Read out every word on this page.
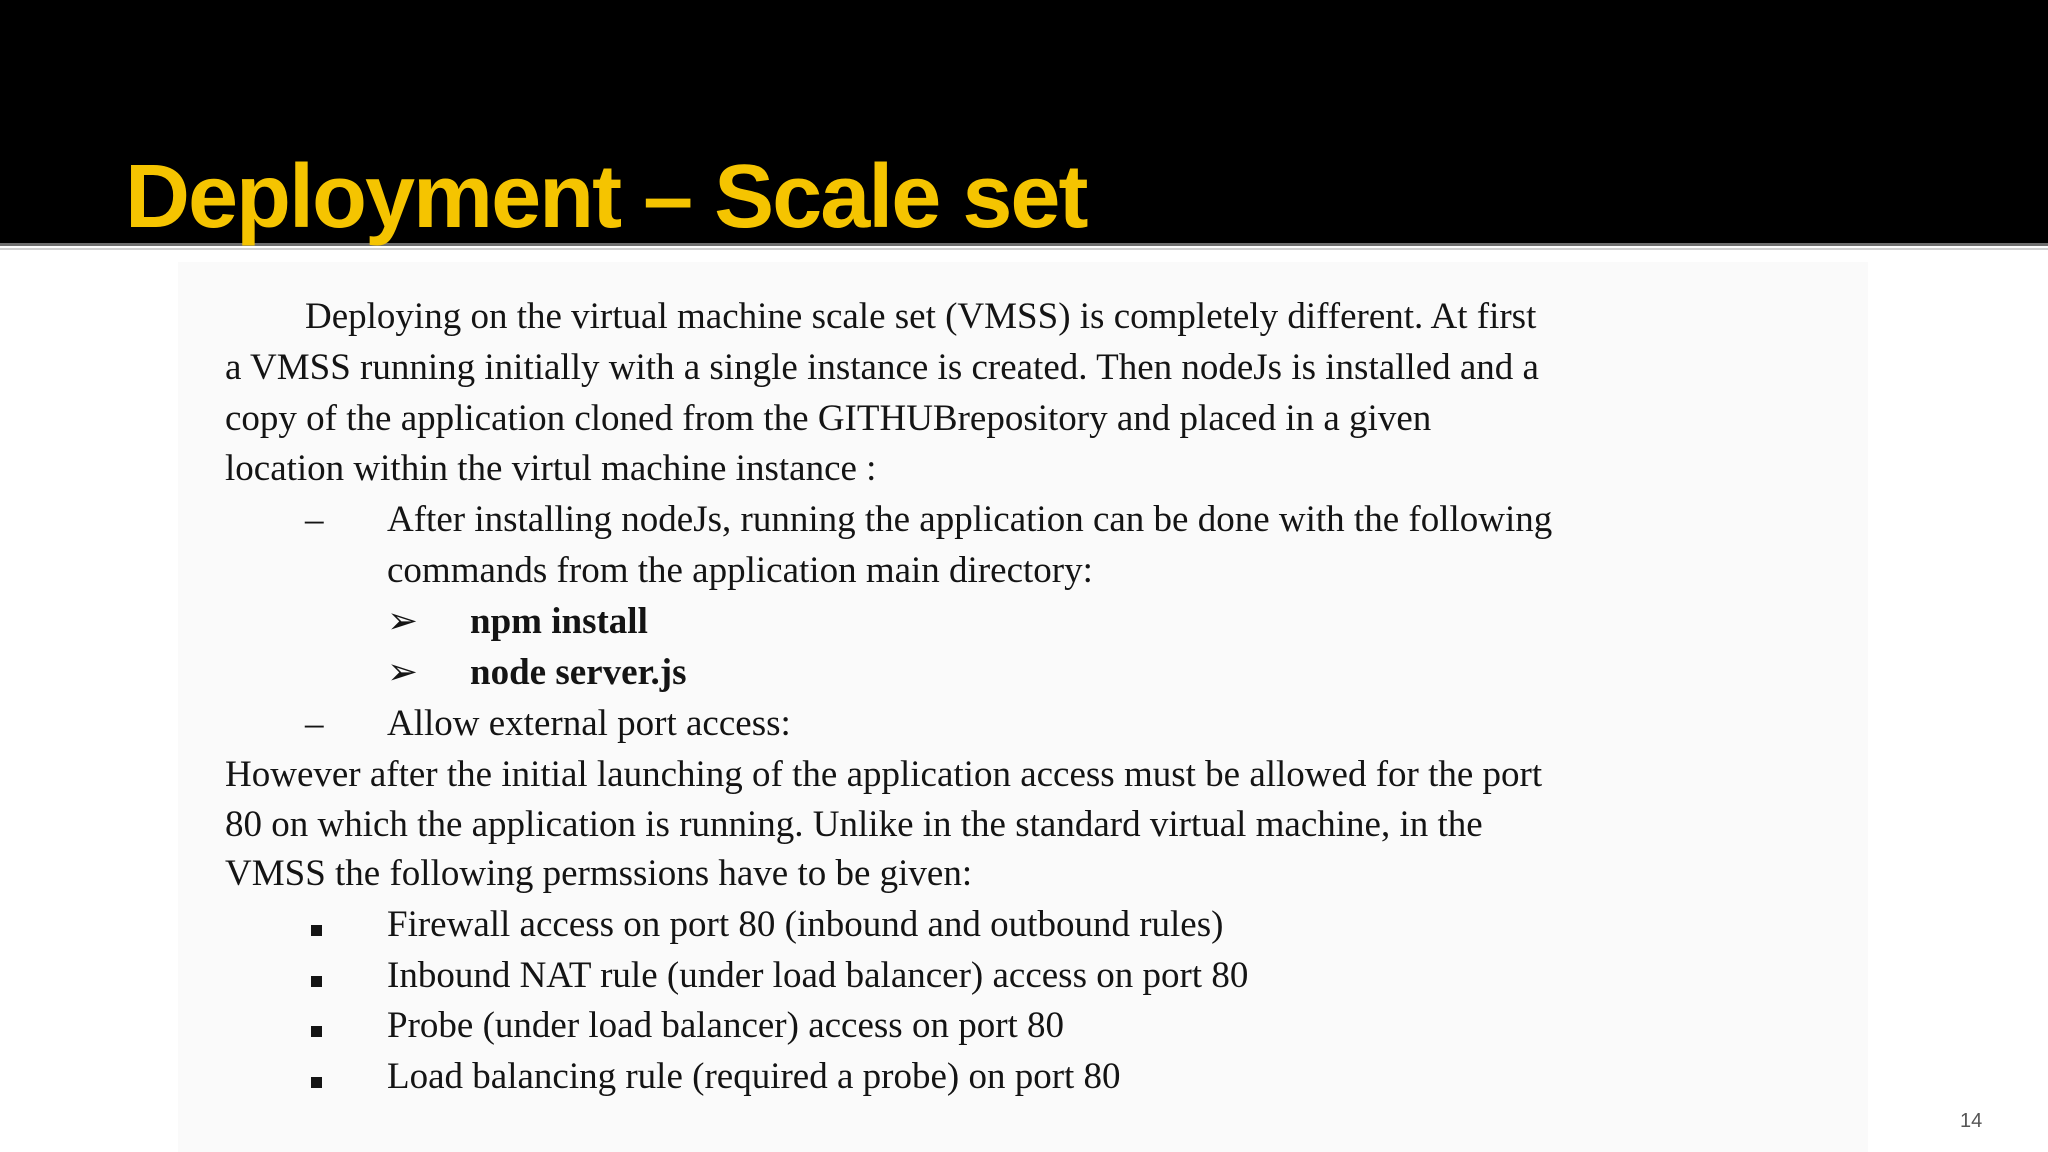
Deployment – Scale set
Deploying on the virtual machine scale set (VMSS) is completely different. At first
a VMSS running initially with a single instance is created. Then nodeJs is installed and a
copy of the application cloned from the GITHUBrepository and placed in a given
location within the virtul machine instance :
– After installing nodeJs, running the application can be done with the following
commands from the application main directory:
➢ npm install
➢ node server.js
– Allow external port access:
However after the initial launching of the application access must be allowed for the port
80 on which the application is running. Unlike in the standard virtual machine, in the
VMSS the following permssions have to be given:
Firewall access on port 80 (inbound and outbound rules)
Inbound NAT rule (under load balancer) access on port 80
Probe (under load balancer) access on port 80
Load balancing rule (required a probe) on port 80
14
